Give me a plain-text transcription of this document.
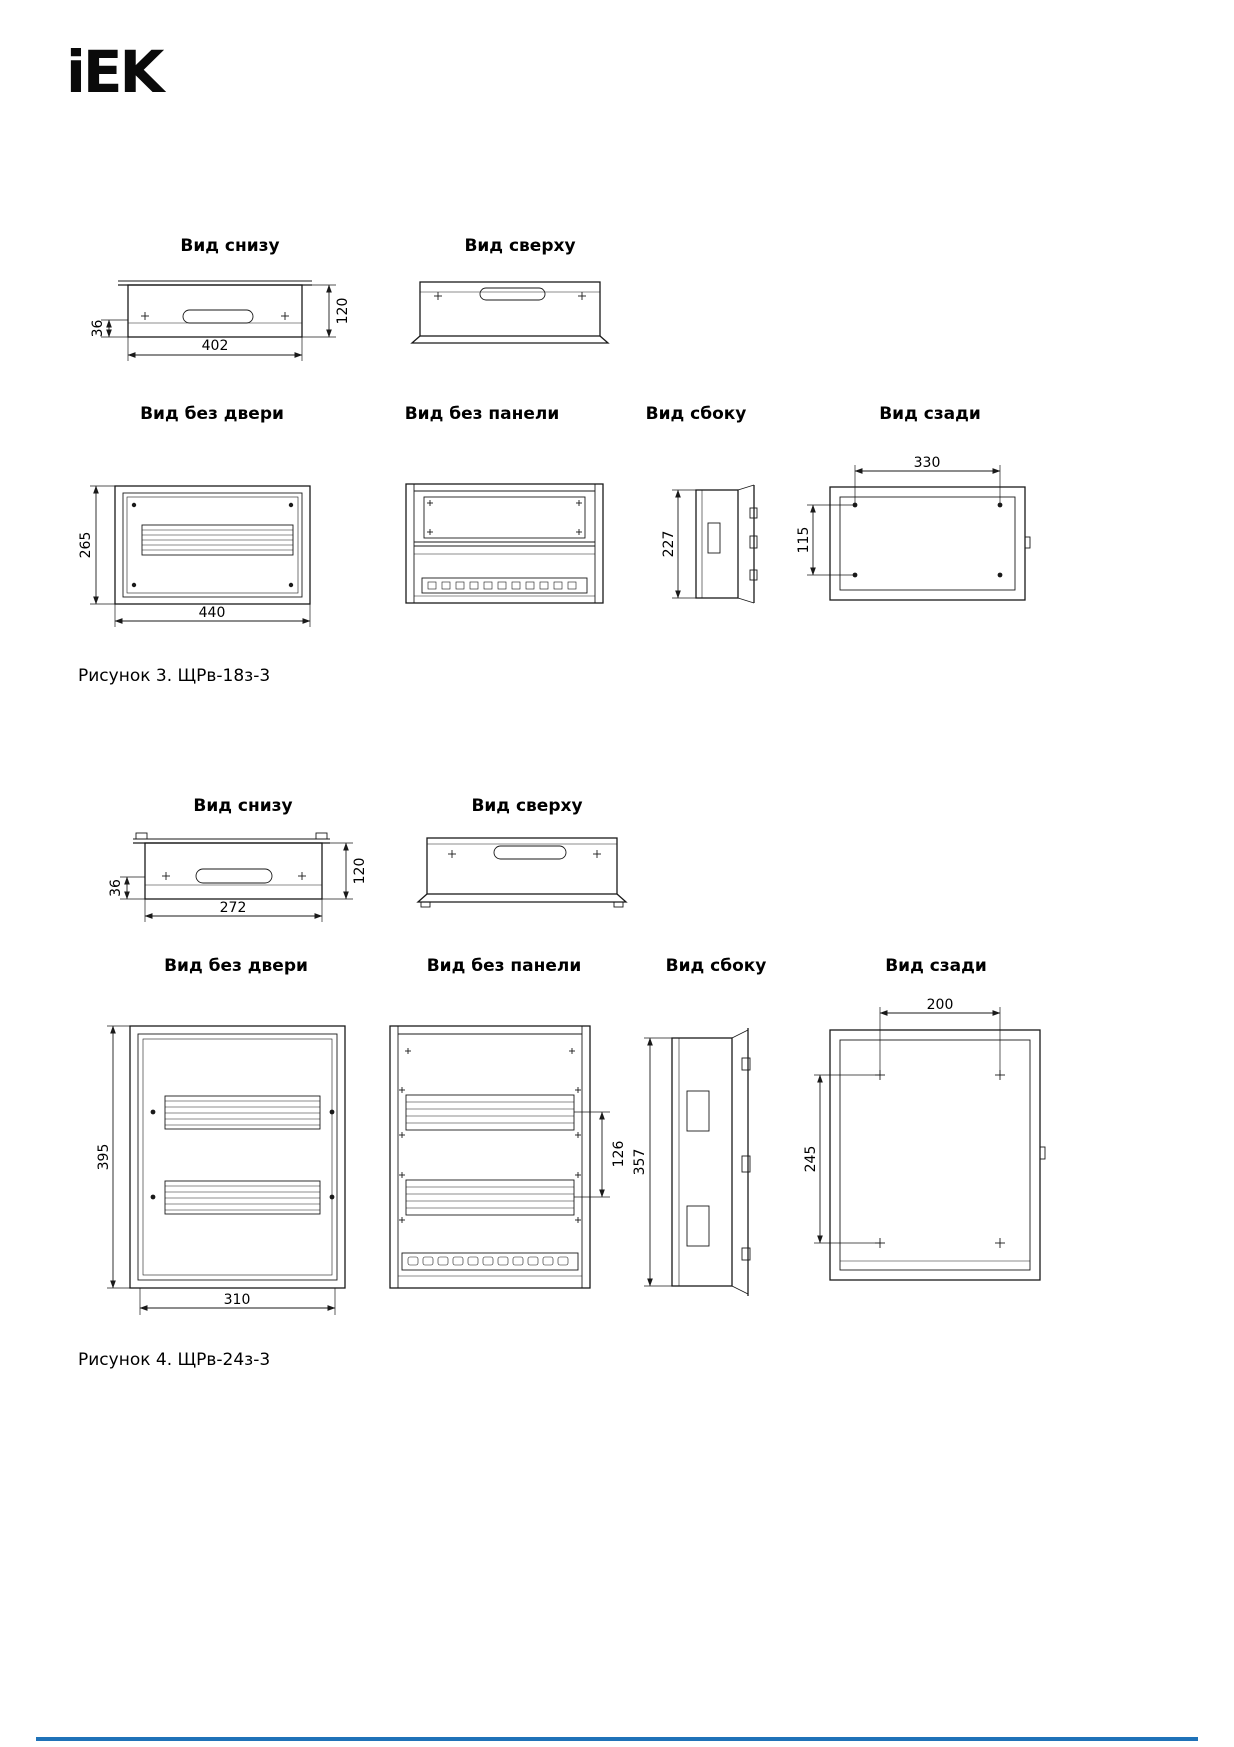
iEK
Вид снизу	Вид сверху
36
402
120
Вид без двери	Вид без панели	Вид сбоку	Вид сзади
265
440
227
330
115
Рисунок 3. ЩРв-18з-3
Вид снизу	Вид сверху
36
272
120
Вид без двери	Вид без панели	Вид сбоку	Вид сзади
395
310
126 357
200
245
Рисунок 4. ЩРв-24з-3
